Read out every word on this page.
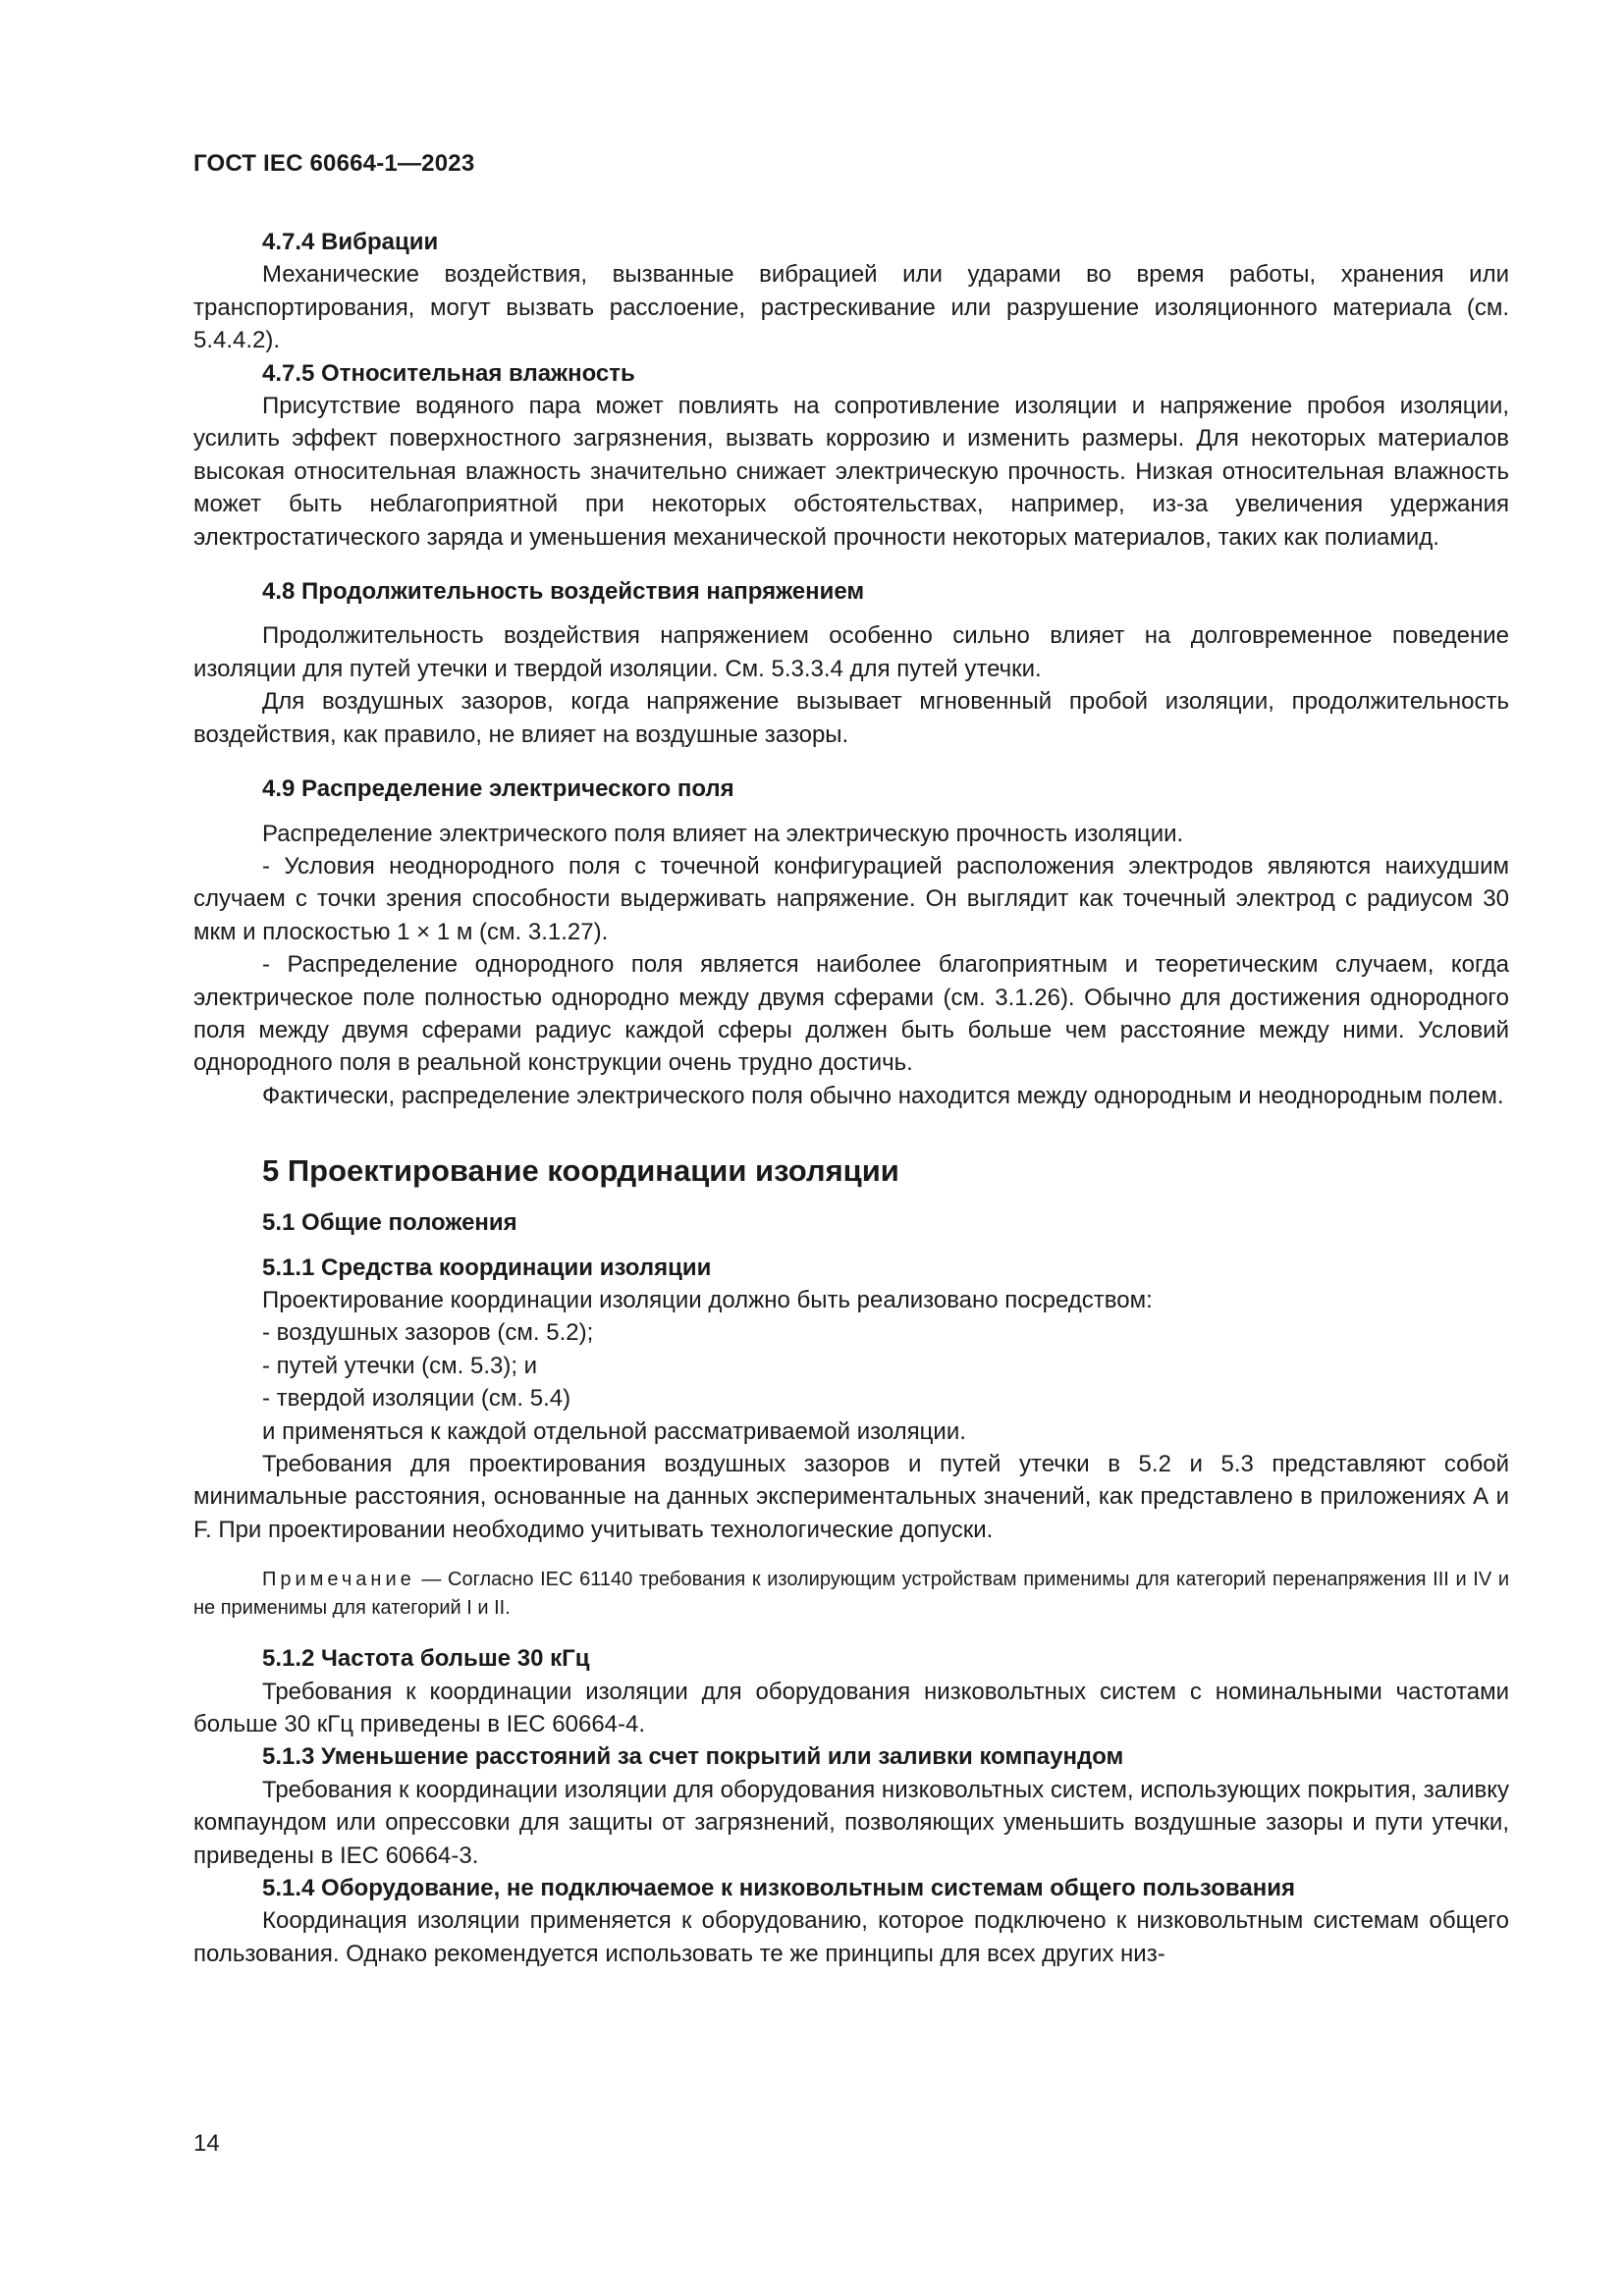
ГОСТ IEC 60664-1—2023
4.7.4 Вибрации

Механические воздействия, вызванные вибрацией или ударами во время работы, хранения или транспортирования, могут вызвать расслоение, растрескивание или разрушение изоляционного материала (см. 5.4.4.2).

4.7.5 Относительная влажность

Присутствие водяного пара может повлиять на сопротивление изоляции и напряжение пробоя изоляции, усилить эффект поверхностного загрязнения, вызвать коррозию и изменить размеры. Для некоторых материалов высокая относительная влажность значительно снижает электрическую прочность. Низкая относительная влажность может быть неблагоприятной при некоторых обстоятельствах, например, из-за увеличения удержания электростатического заряда и уменьшения механической прочности некоторых материалов, таких как полиамид.

4.8 Продолжительность воздействия напряжением

Продолжительность воздействия напряжением особенно сильно влияет на долговременное поведение изоляции для путей утечки и твердой изоляции. См. 5.3.3.4 для путей утечки.

Для воздушных зазоров, когда напряжение вызывает мгновенный пробой изоляции, продолжительность воздействия, как правило, не влияет на воздушные зазоры.

4.9 Распределение электрического поля

Распределение электрического поля влияет на электрическую прочность изоляции.

- Условия неоднородного поля с точечной конфигурацией расположения электродов являются наихудшим случаем с точки зрения способности выдерживать напряжение. Он выглядит как точечный электрод с радиусом 30 мкм и плоскостью 1 × 1 м (см. 3.1.27).

- Распределение однородного поля является наиболее благоприятным и теоретическим случаем, когда электрическое поле полностью однородно между двумя сферами (см. 3.1.26). Обычно для достижения однородного поля между двумя сферами радиус каждой сферы должен быть больше чем расстояние между ними. Условий однородного поля в реальной конструкции очень трудно достичь.

Фактически, распределение электрического поля обычно находится между однородным и неоднородным полем.

5 Проектирование координации изоляции
5.1 Общие положения
5.1.1 Средства координации изоляции

Проектирование координации изоляции должно быть реализовано посредством:

- воздушных зазоров (см. 5.2);
- путей утечки (см. 5.3); и
- твердой изоляции (см. 5.4)

и применяться к каждой отдельной рассматриваемой изоляции.

Требования для проектирования воздушных зазоров и путей утечки в 5.2 и 5.3 представляют собой минимальные расстояния, основанные на данных экспериментальных значений, как представлено в приложениях А и F. При проектировании необходимо учитывать технологические допуски.

Примечание — Согласно IEC 61140 требования к изолирующим устройствам применимы для категорий перенапряжения III и IV и не применимы для категорий I и II.
5.1.2 Частота больше 30 кГц

Требования к координации изоляции для оборудования низковольтных систем с номинальными частотами больше 30 кГц приведены в IEC 60664-4.

5.1.3 Уменьшение расстояний за счет покрытий или заливки компаундом

Требования к координации изоляции для оборудования низковольтных систем, использующих покрытия, заливку компаундом или опрессовки для защиты от загрязнений, позволяющих уменьшить воздушные зазоры и пути утечки, приведены в IEC 60664-3.

5.1.4 Оборудование, не подключаемое к низковольтным системам общего пользования

Координация изоляции применяется к оборудованию, которое подключено к низковольтным системам общего пользования. Однако рекомендуется использовать те же принципы для всех других низ-

14
